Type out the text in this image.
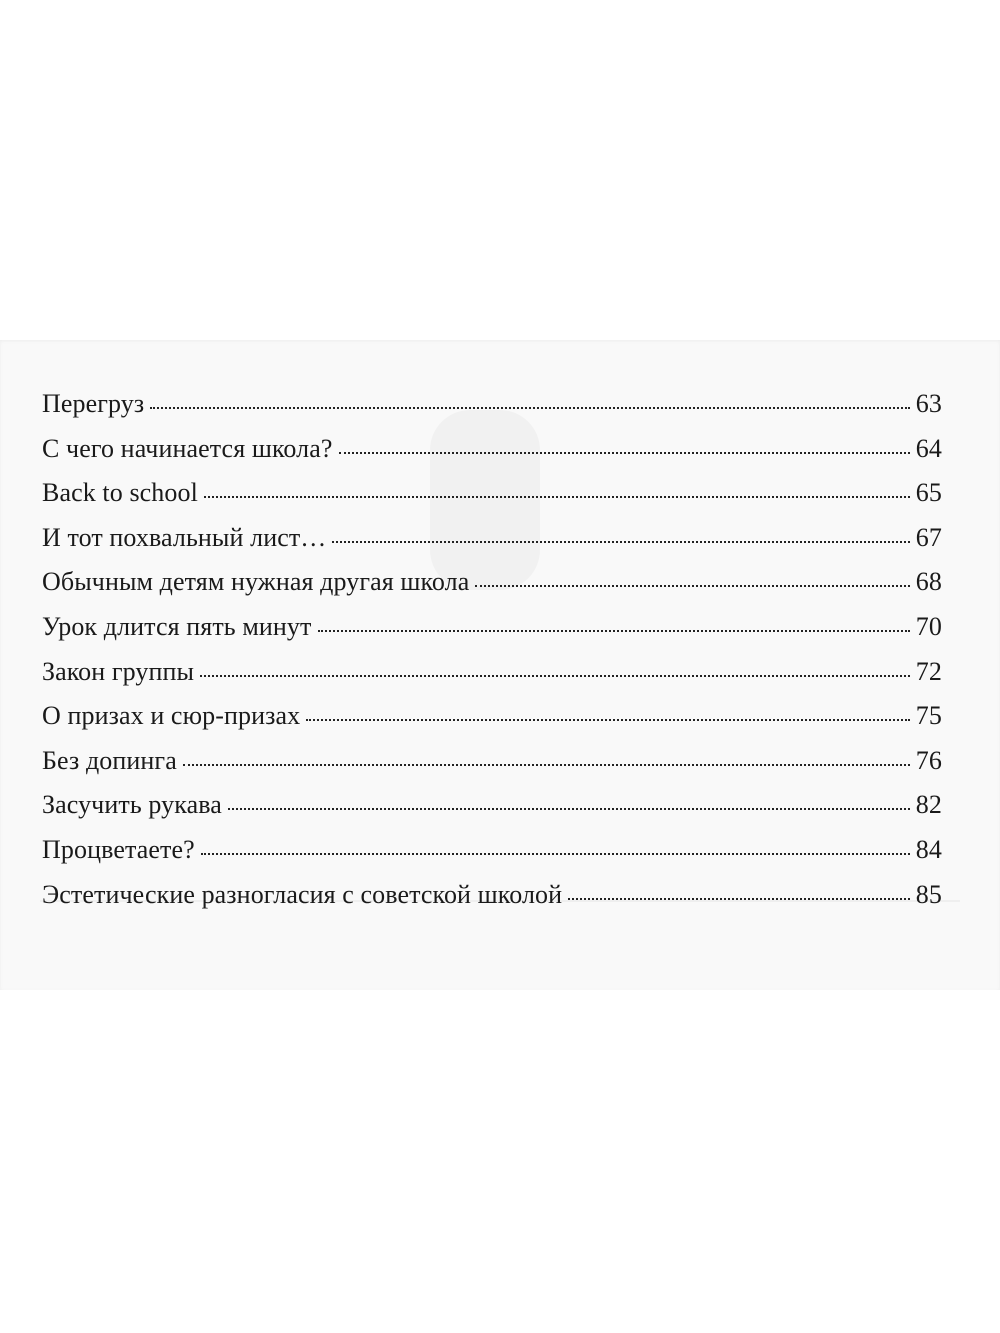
Перегруз	63
С чего начинается школа?	64
Back to school	65
И тот похвальный лист…	67
Обычным детям нужная другая школа	68
Урок длится пять минут	70
Закон группы	72
О призах и сюр-призах	75
Без допинга	76
Засучить рукава	82
Процветаете?	84
Эстетические разногласия с советской школой	85
